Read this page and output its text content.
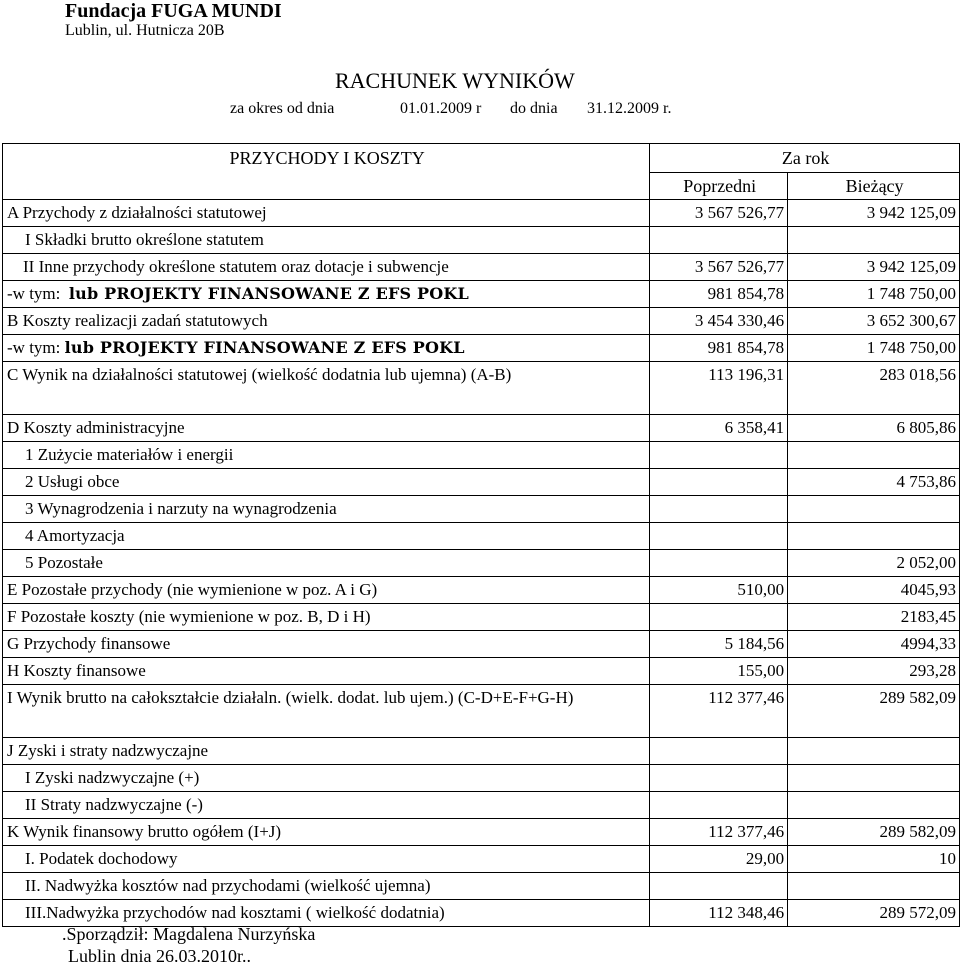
Fundacja FUGA MUNDI
Lublin, ul. Hutnicza 20B
RACHUNEK WYNIKÓW
za okres od dnia	01.01.2009 r do dnia 31.12.2009 r.
PRZYCHODY I KOSZTY	Za rok	
	Poprzedni	Bieżący
A Przychody z działalności statutowej	3 567 526,77	3 942 125,09
I Składki brutto określone statutem		
II Inne przychody określone statutem oraz dotacje i subwencje	3 567 526,77	3 942 125,09
-w tym: lub PROJEKTY FINANSOWANE Z EFS POKL	981 854,78	1 748 750,00
B Koszty realizacji zadań statutowych	3 454 330,46	3 652 300,67
-w tym: lub PROJEKTY FINANSOWANE Z EFS POKL	981 854,78	1 748 750,00
C Wynik na działalności statutowej (wielkość dodatnia lub ujemna) (A-B)	113 196,31	283 018,56
D Koszty administracyjne	6 358,41	6 805,86
1 Zużycie materiałów i energii		
2 Usługi obce		4 753,86
3 Wynagrodzenia i narzuty na wynagrodzenia		
4 Amortyzacja		
5 Pozostałe		2 052,00
E Pozostałe przychody (nie wymienione w poz. A i G)	510,00	4045,93
F Pozostałe koszty (nie wymienione w poz. B, D i H)		2183,45
G Przychody finansowe	5 184,56	4994,33
H Koszty finansowe	155,00	293,28
I Wynik brutto na całokształcie działaln. (wielk. dodat. lub ujem.) (C-D+E-F+G-H)	112 377,46	289 582,09
J Zyski i straty nadzwyczajne		
I Zyski nadzwyczajne (+)		
II Straty nadzwyczajne (-)		
K Wynik finansowy brutto ogółem (I+J)	112 377,46	289 582,09
I. Podatek dochodowy	29,00	10
II. Nadwyżka kosztów nad przychodami (wielkość ujemna)		
III.Nadwyżka przychodów nad kosztami ( wielkość dodatnia)	112 348,46	289 572,09
.Sporządził: Magdalena Nurzyńska
Lublin dnia 26.03.2010r..
